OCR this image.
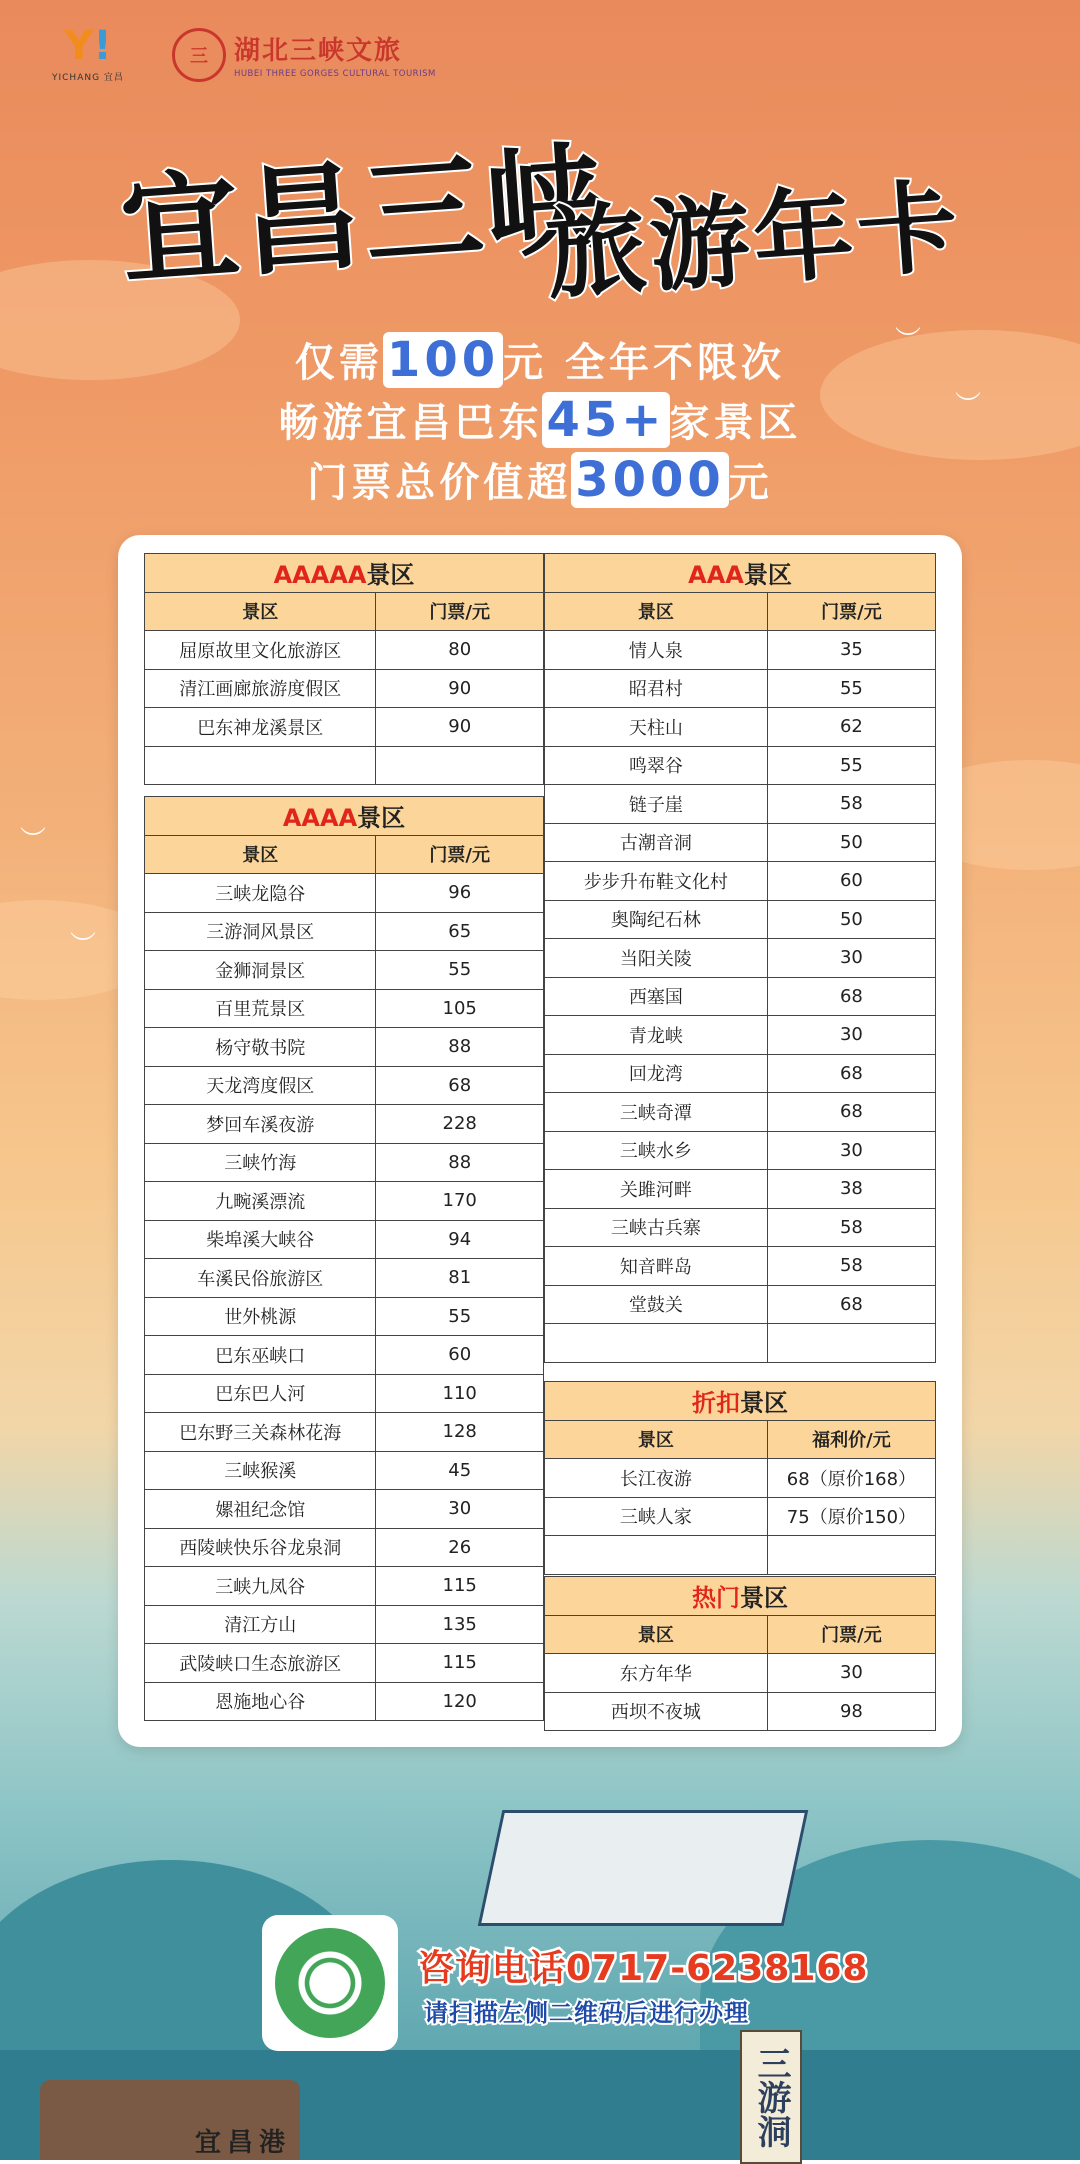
︶
︶
︶
︶
Y!
YICHANG 宜昌
三	湖北三峡文旅
HUBEI THREE GORGES CULTURAL TOURISM
宜昌三峡
旅游年卡
仅需100 元 全年不限次
畅游宜昌巴东45+ 家景区
门票总价值超3000 元
AAAAA景区	
景区	门票/元
屈原故里文化旅游区	80
清江画廊旅游度假区	90
巴东神龙溪景区	90

AAAA景区	
景区	门票/元
三峡龙隐谷	96
三游洞风景区	65
金狮洞景区	55
百里荒景区	105
杨守敬书院	88
天龙湾度假区	68
梦回车溪夜游	228
三峡竹海	88
九畹溪漂流	170
柴埠溪大峡谷	94
车溪民俗旅游区	81
世外桃源	55
巴东巫峡口	60
巴东巴人河	110
巴东野三关森林花海	128
三峡猴溪	45
嫘祖纪念馆	30
西陵峡快乐谷龙泉洞	26
三峡九凤谷	115
清江方山	135
武陵峡口生态旅游区	115
恩施地心谷	120
AAA景区	
景区	门票/元
情人泉	35
昭君村	55
天柱山	62
鸣翠谷	55
链子崖	58
古潮音洞	50
步步升布鞋文化村	60
奥陶纪石林	50
当阳关陵	30
西塞国	68
青龙峡	30
回龙湾	68
三峡奇潭	68
三峡水乡	30
关雎河畔	38
三峡古兵寨	58
知音畔岛	58
堂鼓关	68

折扣景区	
景区	福利价/元
长江夜游	68（原价168）
三峡人家	75（原价150）

热门景区	
景区	门票/元
东方年华	30
西坝不夜城	98
咨询电话0717-6238168
请扫描左侧二维码后进行办理
三游洞
宜昌港
